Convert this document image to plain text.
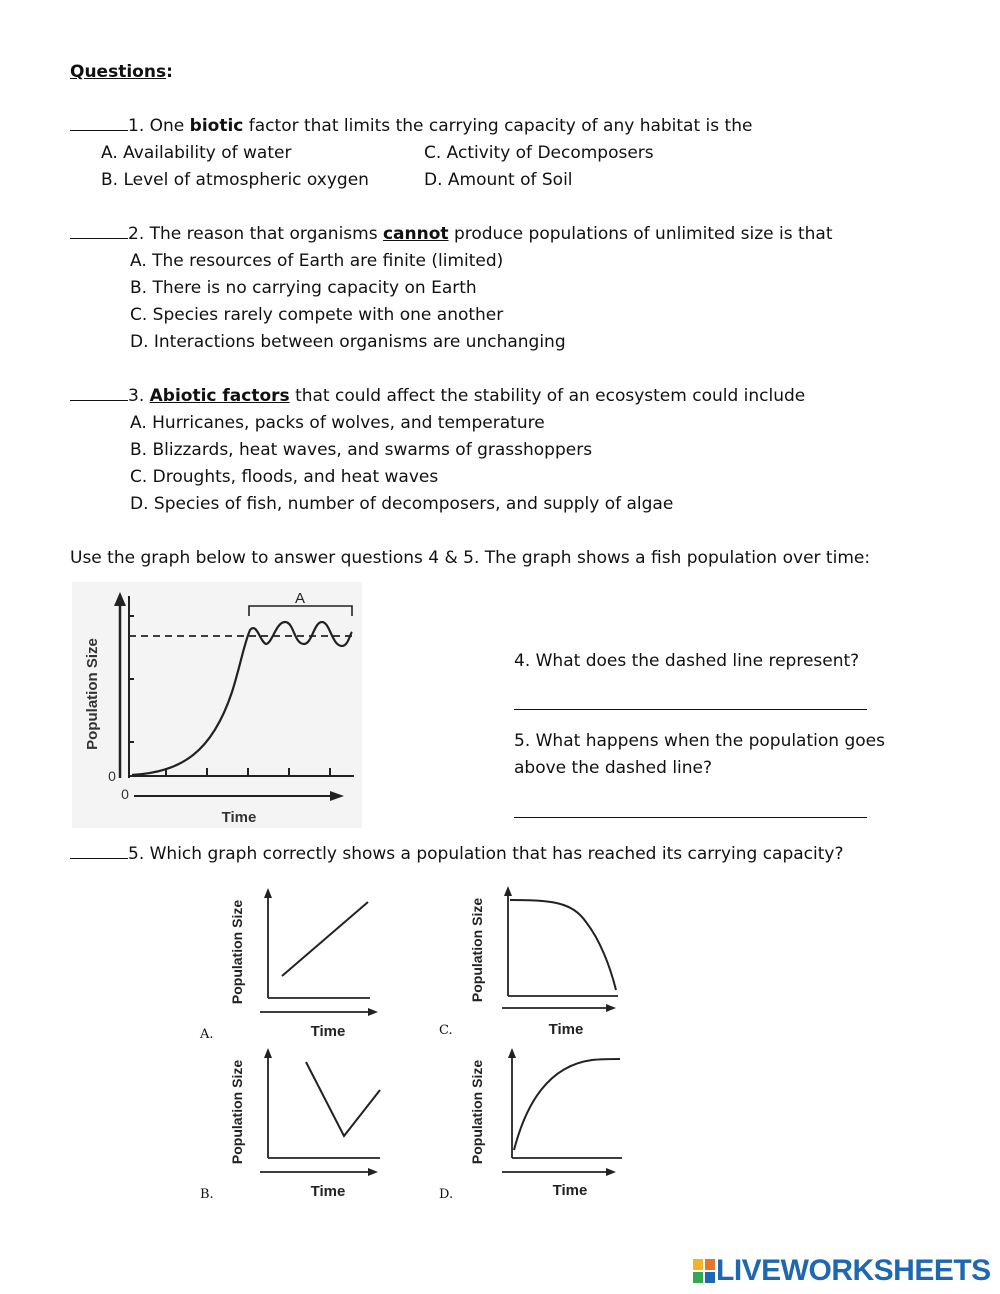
Questions:
1. One biotic factor that limits the carrying capacity of any habitat is the
A. Availability of water
B. Level of atmospheric oxygen
C. Activity of Decomposers
D. Amount of Soil
2. The reason that organisms cannot produce populations of unlimited size is that
A. The resources of Earth are finite (limited)
B. There is no carrying capacity on Earth
C. Species rarely compete with one another
D. Interactions between organisms are unchanging
3. Abiotic factors that could affect the stability of an ecosystem could include
A. Hurricanes, packs of wolves, and temperature
B. Blizzards, heat waves, and swarms of grasshoppers
C. Droughts, floods, and heat waves
D. Species of fish, number of decomposers, and supply of algae
Use the graph below to answer questions 4 & 5. The graph shows a fish population over time:
A
Population Size
0
0
Time
4. What does the dashed line represent?
5. What happens when the population goes
above the dashed line?
5. Which graph correctly shows a population that has reached its carrying capacity?
Population Size
Time
A.
Population Size
Time
B.
Population Size
Time
C.
Population Size
Time
D.
LIVEWORKSHEETS
